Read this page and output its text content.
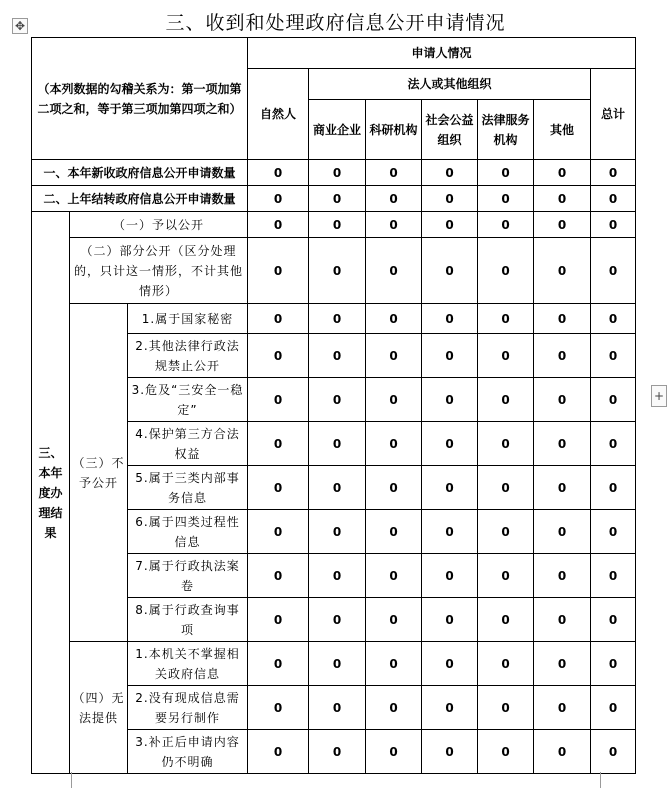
✥
+
三、收到和处理政府信息公开申请情况
（本列数据的勾稽关系为：第一项加第二项之和，等于第三项加第四项之和）			申请人情况						
			自然人	法人或其他组织					总计
				商业企业	科研机构	社会公益组织	法律服务机构	其他	
一、本年新收政府信息公开申请数量			0	0	0	0	0	0	0
二、上年结转政府信息公开申请数量			0	0	0	0	0	0	0
三、本年度办理结果	（一）予以公开		0	0	0	0	0	0	0
	（二）部分公开（区分处理的，只计这一情形，不计其他情形）		0	0	0	0	0	0	0
	（三）不予公开	1.属于国家秘密	0	0	0	0	0	0	0
		2.其他法律行政法规禁止公开	0	0	0	0	0	0	0
		3.危及“三安全一稳定”	0	0	0	0	0	0	0
		4.保护第三方合法权益	0	0	0	0	0	0	0
		5.属于三类内部事务信息	0	0	0	0	0	0	0
		6.属于四类过程性信息	0	0	0	0	0	0	0
		7.属于行政执法案卷	0	0	0	0	0	0	0
		8.属于行政查询事项	0	0	0	0	0	0	0
	（四）无法提供	1.本机关不掌握相关政府信息	0	0	0	0	0	0	0
		2.没有现成信息需要另行制作	0	0	0	0	0	0	0
		3.补正后申请内容仍不明确	0	0	0	0	0	0	0
